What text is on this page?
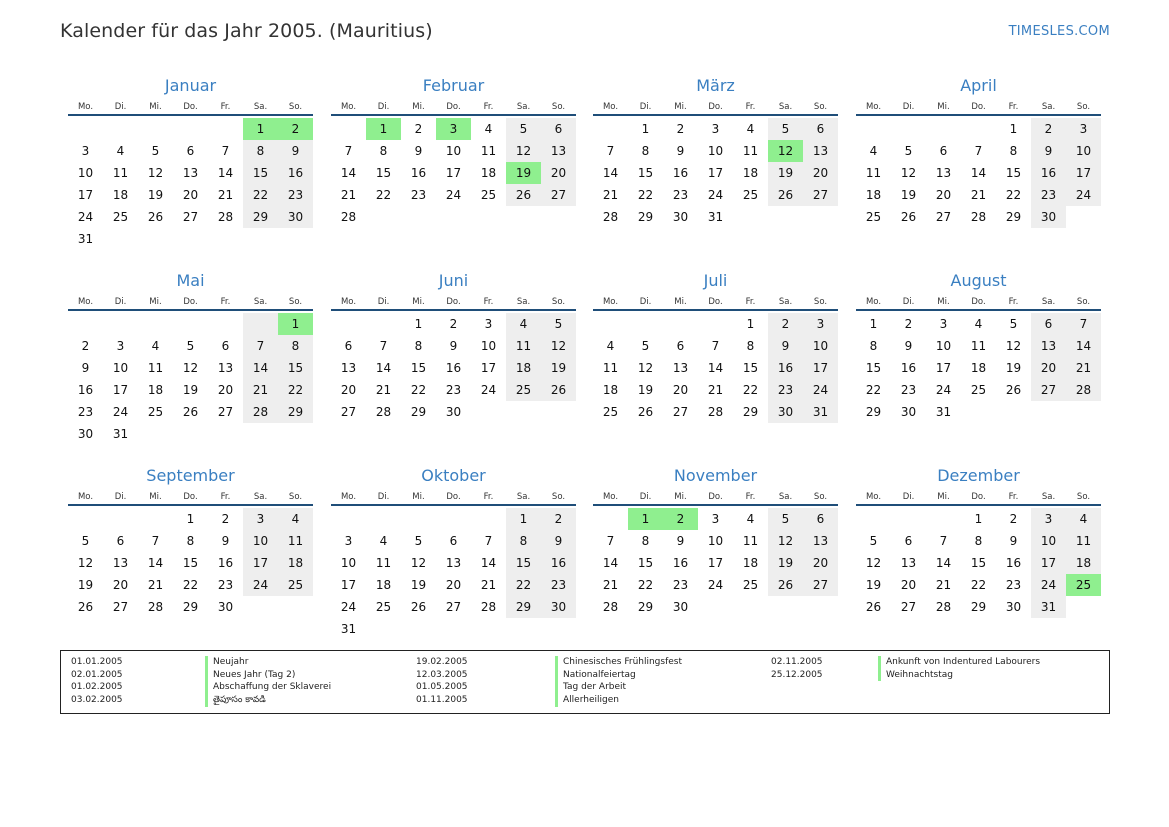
Kalender für das Jahr 2005. (Mauritius)	TIMESLES.COM
Januar
Mo.	Di.	Mi.	Do.	Fr.	Sa.	So.

					1	2
3	4	5	6	7	8	9
10	11	12	13	14	15	16
17	18	19	20	21	22	23
24	25	26	27	28	29	30
31						
Februar
Mo.	Di.	Mi.	Do.	Fr.	Sa.	So.

	1	2	3	4	5	6
7	8	9	10	11	12	13
14	15	16	17	18	19	20
21	22	23	24	25	26	27
28						
März
Mo.	Di.	Mi.	Do.	Fr.	Sa.	So.

	1	2	3	4	5	6
7	8	9	10	11	12	13
14	15	16	17	18	19	20
21	22	23	24	25	26	27
28	29	30	31			
April
Mo.	Di.	Mi.	Do.	Fr.	Sa.	So.

				1	2	3
4	5	6	7	8	9	10
11	12	13	14	15	16	17
18	19	20	21	22	23	24
25	26	27	28	29	30	
Mai
Mo.	Di.	Mi.	Do.	Fr.	Sa.	So.

						1
2	3	4	5	6	7	8
9	10	11	12	13	14	15
16	17	18	19	20	21	22
23	24	25	26	27	28	29
30	31					
Juni
Mo.	Di.	Mi.	Do.	Fr.	Sa.	So.

		1	2	3	4	5
6	7	8	9	10	11	12
13	14	15	16	17	18	19
20	21	22	23	24	25	26
27	28	29	30			
Juli
Mo.	Di.	Mi.	Do.	Fr.	Sa.	So.

				1	2	3
4	5	6	7	8	9	10
11	12	13	14	15	16	17
18	19	20	21	22	23	24
25	26	27	28	29	30	31
August
Mo.	Di.	Mi.	Do.	Fr.	Sa.	So.

1	2	3	4	5	6	7
8	9	10	11	12	13	14
15	16	17	18	19	20	21
22	23	24	25	26	27	28
29	30	31				
September
Mo.	Di.	Mi.	Do.	Fr.	Sa.	So.

			1	2	3	4
5	6	7	8	9	10	11
12	13	14	15	16	17	18
19	20	21	22	23	24	25
26	27	28	29	30		
Oktober
Mo.	Di.	Mi.	Do.	Fr.	Sa.	So.

					1	2
3	4	5	6	7	8	9
10	11	12	13	14	15	16
17	18	19	20	21	22	23
24	25	26	27	28	29	30
31						
November
Mo.	Di.	Mi.	Do.	Fr.	Sa.	So.

	1	2	3	4	5	6
7	8	9	10	11	12	13
14	15	16	17	18	19	20
21	22	23	24	25	26	27
28	29	30				
Dezember
Mo.	Di.	Mi.	Do.	Fr.	Sa.	So.

			1	2	3	4
5	6	7	8	9	10	11
12	13	14	15	16	17	18
19	20	21	22	23	24	25
26	27	28	29	30	31	
01.01.2005	Neujahr
02.01.2005	Neues Jahr (Tag 2)
01.02.2005	Abschaffung der Sklaverei
03.02.2005	తైపూసం కావడి
19.02.2005	Chinesisches Frühlingsfest
12.03.2005	Nationalfeiertag
01.05.2005	Tag der Arbeit
01.11.2005	Allerheiligen
02.11.2005	Ankunft von Indentured Labourers
25.12.2005	Weihnachtstag
